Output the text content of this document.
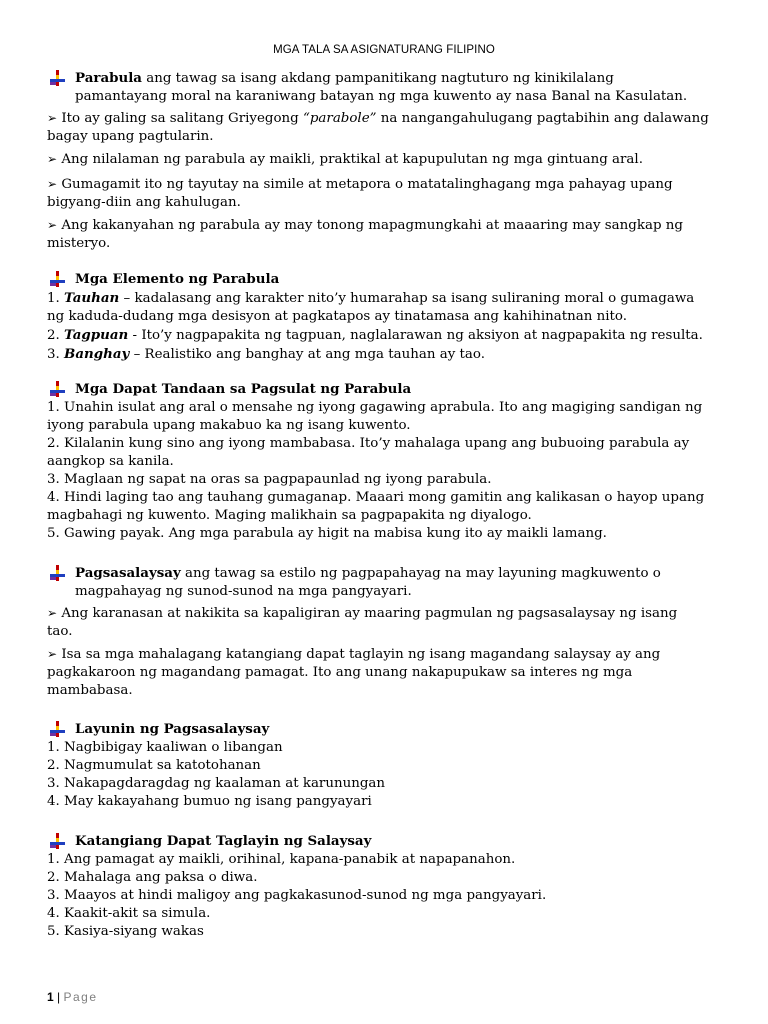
MGA TALA SA ASIGNATURANG FILIPINO
Parabula ang tawag sa isang akdang pampanitikang nagtuturo ng kinikilalang
pamantayang moral na karaniwang batayan ng mga kuwento ay nasa Banal na Kasulatan.
➢ Ito ay galing sa salitang Griyegong “parabole” na nangangahulugang pagtabihin ang dalawang
bagay upang pagtularin.
➢ Ang nilalaman ng parabula ay maikli, praktikal at kapupulutan ng mga gintuang aral.
➢ Gumagamit ito ng tayutay na simile at metapora o matatalinghagang mga pahayag upang
bigyang-diin ang kahulugan.
➢ Ang kakanyahan ng parabula ay may tonong mapagmungkahi at maaaring may sangkap ng
misteryo.
Mga Elemento ng Parabula
1. Tauhan – kadalasang ang karakter nito’y humarahap sa isang suliraning moral o gumagawa
ng kaduda-dudang mga desisyon at pagkatapos ay tinatamasa ang kahihinatnan nito.
2. Tagpuan - Ito’y nagpapakita ng tagpuan, naglalarawan ng aksiyon at nagpapakita ng resulta.
3. Banghay – Realistiko ang banghay at ang mga tauhan ay tao.
Mga Dapat Tandaan sa Pagsulat ng Parabula
1. Unahin isulat ang aral o mensahe ng iyong gagawing aprabula. Ito ang magiging sandigan ng
iyong parabula upang makabuo ka ng isang kuwento.
2. Kilalanin kung sino ang iyong mambabasa. Ito’y mahalaga upang ang bubuoing parabula ay
aangkop sa kanila.
3. Maglaan ng sapat na oras sa pagpapaunlad ng iyong parabula.
4. Hindi laging tao ang tauhang gumaganap. Maaari mong gamitin ang kalikasan o hayop upang
magbahagi ng kuwento. Maging malikhain sa pagpapakita ng diyalogo.
5. Gawing payak. Ang mga parabula ay higit na mabisa kung ito ay maikli lamang.
Pagsasalaysay ang tawag sa estilo ng pagpapahayag na may layuning magkuwento o
magpahayag ng sunod-sunod na mga pangyayari.
➢ Ang karanasan at nakikita sa kapaligiran ay maaring pagmulan ng pagsasalaysay ng isang
tao.
➢ Isa sa mga mahalagang katangiang dapat taglayin ng isang magandang salaysay ay ang
pagkakaroon ng magandang pamagat. Ito ang unang nakapupukaw sa interes ng mga
mambabasa.
Layunin ng Pagsasalaysay
1. Nagbibigay kaaliwan o libangan
2. Nagmumulat sa katotohanan
3. Nakapagdaragdag ng kaalaman at karunungan
4. May kakayahang bumuo ng isang pangyayari
Katangiang Dapat Taglayin ng Salaysay
1. Ang pamagat ay maikli, orihinal, kapana-panabik at napapanahon.
2. Mahalaga ang paksa o diwa.
3. Maayos at hindi maligoy ang pagkakasunod-sunod ng mga pangyayari.
4. Kaakit-akit sa simula.
5. Kasiya-siyang wakas
1 | Page
